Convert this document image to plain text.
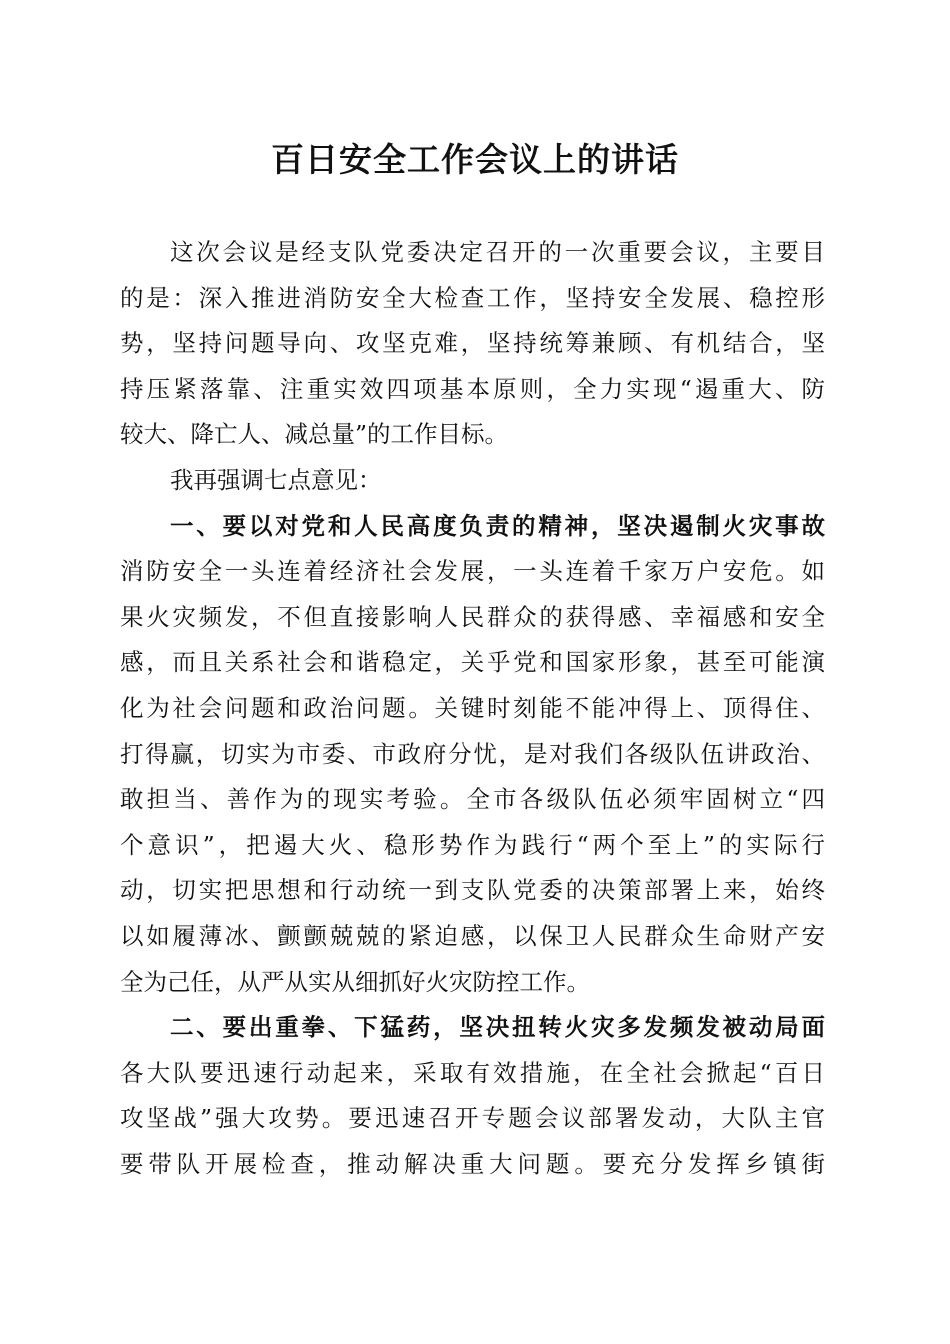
百日安全工作会议上的讲话
这次会议是经支队党委决定召开的一次重要会议，主要目
的是：深入推进消防安全大检查工作，坚持安全发展、稳控形
势，坚持问题导向、攻坚克难，坚持统筹兼顾、有机结合，坚
持压紧落靠、注重实效四项基本原则，全力实现“遏重大、防
较大、降亡人、减总量”的工作目标。
我再强调七点意见：
一、要以对党和人民高度负责的精神，坚决遏制火灾事故
消防安全一头连着经济社会发展，一头连着千家万户安危。如
果火灾频发，不但直接影响人民群众的获得感、幸福感和安全
感，而且关系社会和谐稳定，关乎党和国家形象，甚至可能演
化为社会问题和政治问题。关键时刻能不能冲得上、顶得住、
打得赢，切实为市委、市政府分忧，是对我们各级队伍讲政治、
敢担当、善作为的现实考验。全市各级队伍必须牢固树立“四
个意识”，把遏大火、稳形势作为践行“两个至上”的实际行
动，切实把思想和行动统一到支队党委的决策部署上来，始终
以如履薄冰、颤颤兢兢的紧迫感，以保卫人民群众生命财产安
全为己任，从严从实从细抓好火灾防控工作。
二、要出重拳、下猛药，坚决扭转火灾多发频发被动局面
各大队要迅速行动起来，采取有效措施，在全社会掀起“百日
攻坚战”强大攻势。要迅速召开专题会议部署发动，大队主官
要带队开展检查，推动解决重大问题。要充分发挥乡镇街
